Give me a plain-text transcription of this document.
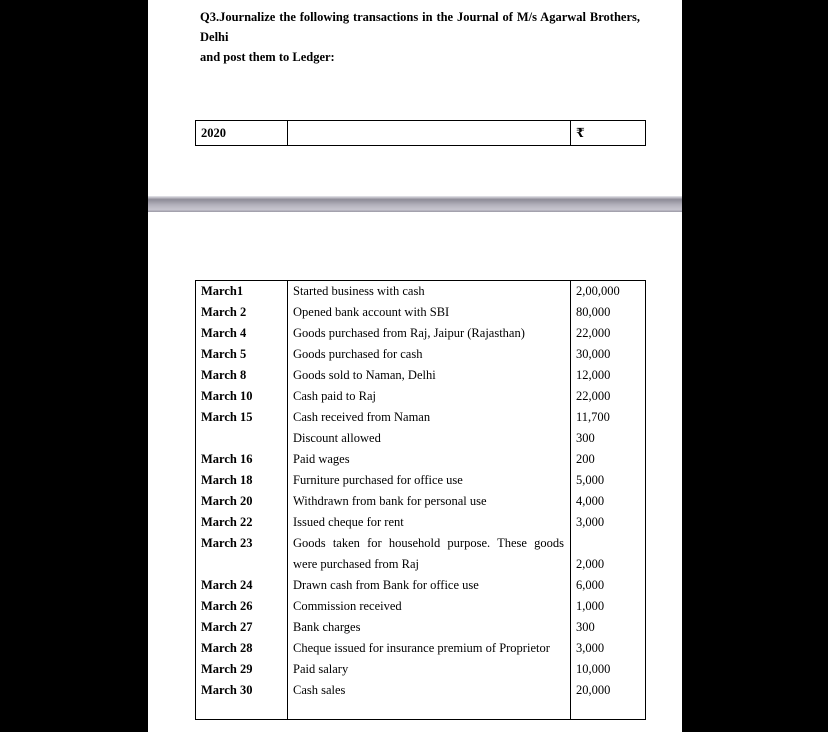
Q3.Journalize the following transactions in the Journal of M/s Agarwal Brothers, Delhi
and post them to Ledger:
2020		₹
March1	Started business with cash	2,00,000
March 2	Opened bank account with SBI	80,000
March 4	Goods purchased from Raj, Jaipur (Rajasthan)	22,000
March 5	Goods purchased for cash	30,000
March 8	Goods sold to Naman, Delhi	12,000
March 10	Cash paid to Raj	22,000
March 15	Cash received from Naman	11,700
	Discount allowed	300
March 16	Paid wages	200
March 18	Furniture purchased for office use	5,000
March 20	Withdrawn from bank for personal use	4,000
March 22	Issued cheque for rent	3,000
March 23	Goods taken for household purpose. These goods were purchased from Raj	2,000
March 24	Drawn cash from Bank for office use	6,000
March 26	Commission received	1,000
March 27	Bank charges	300
March 28	Cheque issued for insurance premium of Proprietor	3,000
March 29	Paid salary	10,000
March 30	Cash sales	20,000
